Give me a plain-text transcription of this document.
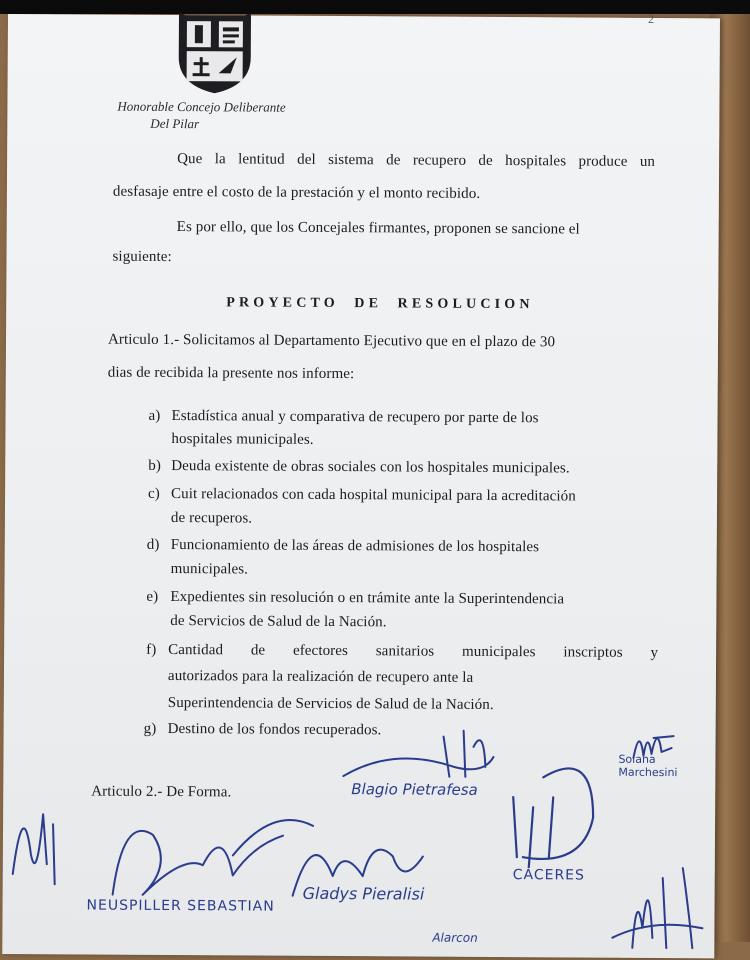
2
Honorable Concejo Deliberante
Del Pilar
Que la lentitud del sistema de recupero de hospitales produce un
desfasaje entre el costo de la prestación y el monto recibido.
Es por ello, que los Concejales firmantes, proponen se sancione el
siguiente:
PROYECTO  DE  RESOLUCION
Articulo 1.- Solicitamos al Departamento Ejecutivo que en el plazo de 30
dias de recibida la presente nos informe:
a) Estadística anual y comparativa de recupero por parte de los
hospitales municipales.
b) Deuda existente de obras sociales con los hospitales municipales.
c) Cuit relacionados con cada hospital municipal para la acreditación
de recuperos.
d) Funcionamiento de las áreas de admisiones de los hospitales
municipales.
e) Expedientes sin resolución o en trámite ante la Superintendencia
de Servicios de Salud de la Nación.
f) Cantidad de efectores sanitarios municipales inscriptos y
autorizados para la realización de recupero ante la
Superintendencia de Servicios de Salud de la Nación.
g) Destino de los fondos recuperados.
Articulo 2.- De Forma.
Solana Marchesini
Blagio Pietrafesa
CÁCERES
NEUSPILLER SEBASTIAN
Gladys Pieralisi
Alarcon
